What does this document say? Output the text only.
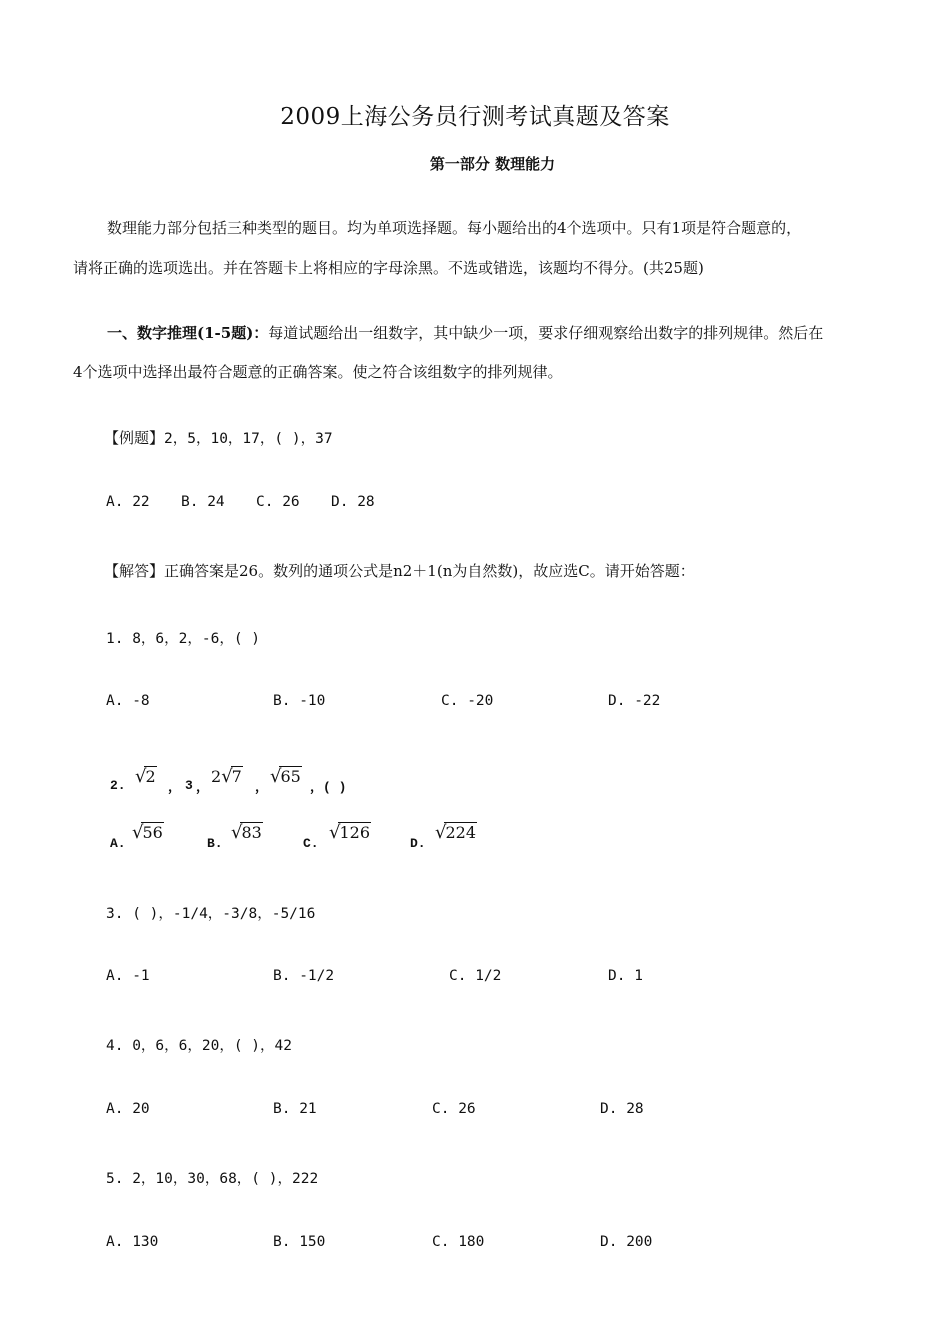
2009上海公务员行测考试真题及答案
第一部分 数理能力
数理能力部分包括三种类型的题目。均为单项选择题。每小题给出的4个选项中。只有1项是符合题意的，
请将正确的选项选出。并在答题卡上将相应的字母涂黑。不选或错选，该题均不得分。(共25题)
一、数字推理(1-5题)：每道试题给出一组数字，其中缺少一项，要求仔细观察给出数字的排列规律。然后在
4个选项中选择出最符合题意的正确答案。使之符合该组数字的排列规律。
【例题】2，5，10，17，( )，37
A. 22 B. 24 C. 26 D. 28
【解答】正确答案是26。数列的通项公式是n2＋1(n为自然数)，故应选C。请开始答题：
1. 8，6，2，-6，( )
A. -8	B. -10	C. -20	D. -22
2. √2
， 3 ，
2√7
，
√65
，( )
A.
√56
B.
√83
C.
√126
D.
√224
3. ( )，-1/4，-3/8，-5/16
A. -1	B. -1/2	C. 1/2	D. 1
4. 0，6，6，20，( )，42
A. 20	B. 21	C. 26	D. 28
5. 2，10，30，68，( )，222
A. 130	B. 150	C. 180	D. 200
